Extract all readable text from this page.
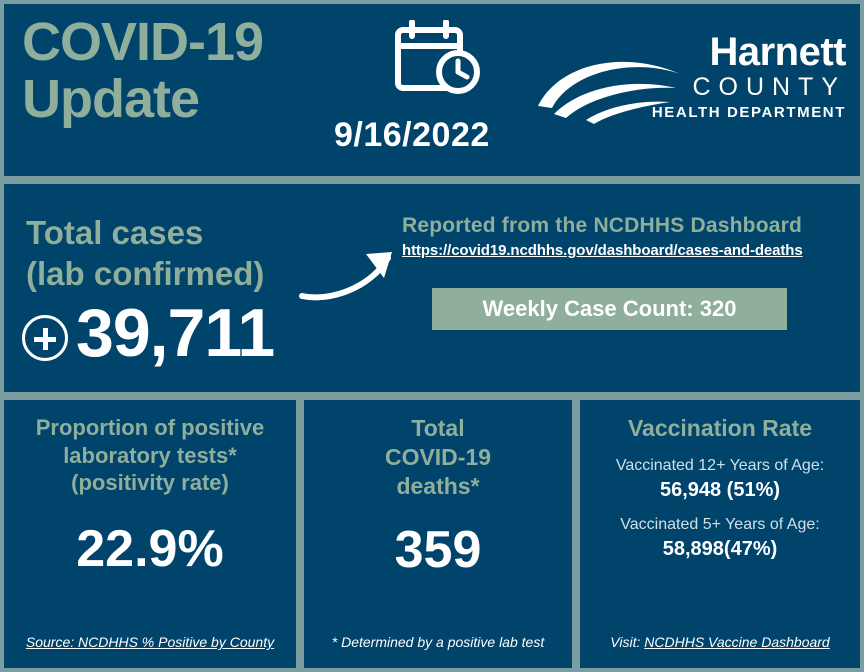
COVID-19
Update
9/16/2022
Harnett
COUNTY
HEALTH DEPARTMENT
Total cases
(lab confirmed)
39,711
Reported from the NCDHHS Dashboard
https://covid19.ncdhhs.gov/dashboard/cases-and-deaths
Weekly Case Count: 320
Proportion of positive
laboratory tests*
(positivity rate)
22.9%
Source: NCDHHS % Positive by County
Total
COVID-19
deaths*
359
* Determined by a positive lab test
Vaccination Rate
Vaccinated 12+ Years of Age:
56,948 (51%)
Vaccinated 5+ Years of Age:
58,898(47%)
Visit: NCDHHS Vaccine Dashboard
